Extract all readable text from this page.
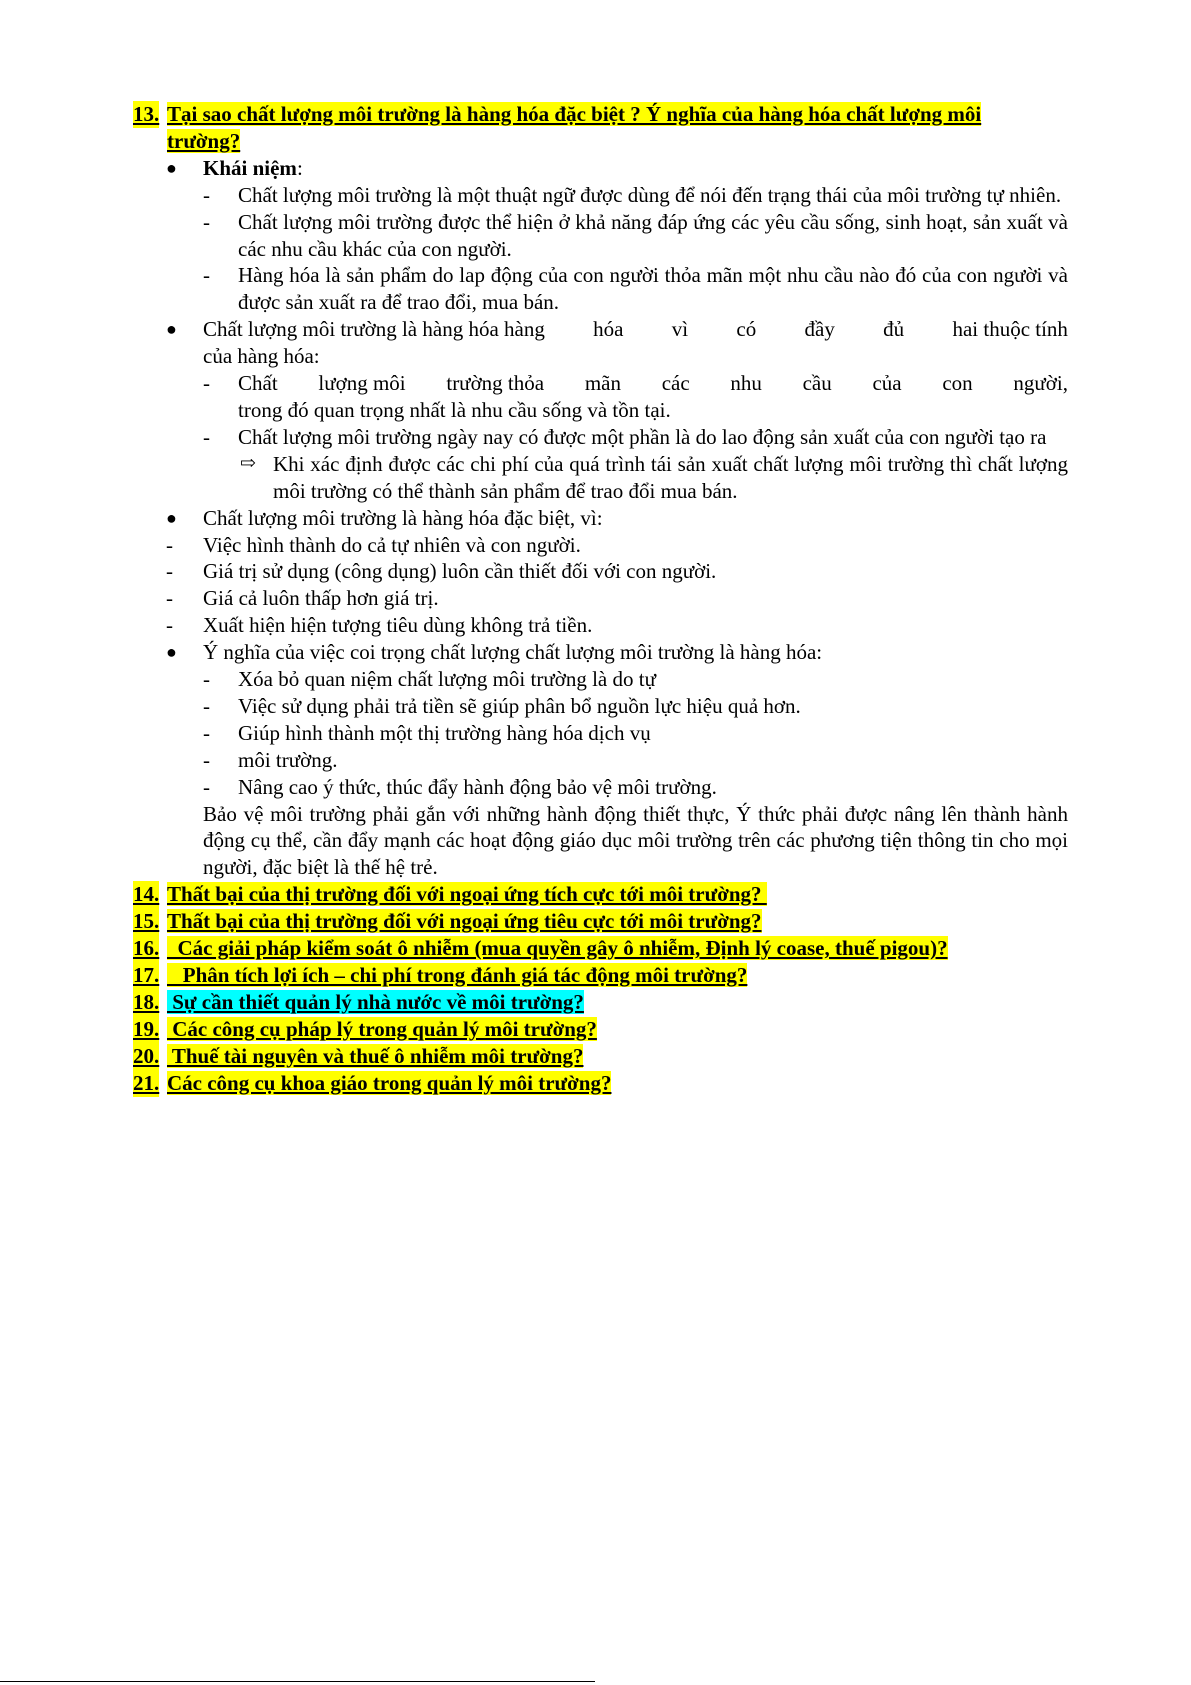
13. Tại sao chất lượng môi trường là hàng hóa đặc biệt ? Ý nghĩa của hàng hóa chất lượng môi
trường?
● Khái niệm:
- Chất lượng môi trường là một thuật ngữ được dùng để nói đến trạng thái của môi trường tự nhiên.
- Chất lượng môi trường được thể hiện ở khả năng đáp ứng các yêu cầu sống, sinh hoạt, sản xuất và các nhu cầu khác của con người.
- Hàng hóa là sản phẩm do lap động của con người thỏa mãn một nhu cầu nào đó của con người và được sản xuất ra để trao đổi, mua bán.
● Chất lượng môi trường là hàng hóa hàng hóa vì có đầy đủ hai thuộc tính
của hàng hóa:
- Chất lượng môi trường thỏa mãn các nhu cầu của con người,
trong đó quan trọng nhất là nhu cầu sống và tồn tại.
- Chất lượng môi trường ngày nay có được một phần là do lao động sản xuất của con người tạo ra
⇨ Khi xác định được các chi phí của quá trình tái sản xuất chất lượng môi trường thì chất lượng môi trường có thể thành sản phẩm để trao đổi mua bán.
● Chất lượng môi trường là hàng hóa đặc biệt, vì:
- Việc hình thành do cả tự nhiên và con người.
- Giá trị sử dụng (công dụng) luôn cần thiết đối với con người.
- Giá cả luôn thấp hơn giá trị.
- Xuất hiện hiện tượng tiêu dùng không trả tiền.
● Ý nghĩa của việc coi trọng chất lượng chất lượng môi trường là hàng hóa:
- Xóa bỏ quan niệm chất lượng môi trường là do tự
- Việc sử dụng phải trả tiền sẽ giúp phân bổ nguồn lực hiệu quả hơn.
- Giúp hình thành một thị trường hàng hóa dịch vụ
- môi trường.
- Nâng cao ý thức, thúc đẩy hành động bảo vệ môi trường.
Bảo vệ môi trường phải gắn với những hành động thiết thực, Ý thức phải được nâng lên thành hành động cụ thể, cần đẩy mạnh các hoạt động giáo dục môi trường trên các phương tiện thông tin cho mọi người, đặc biệt là thế hệ trẻ.
14. Thất bại của thị trường đối với ngoại ứng tích cực tới môi trường?
15. Thất bại của thị trường đối với ngoại ứng tiêu cực tới môi trường?
16. Các giải pháp kiểm soát ô nhiễm (mua quyền gây ô nhiễm, Định lý coase, thuế pigou)?
17. Phân tích lợi ích – chi phí trong đánh giá tác động môi trường?
18. Sự cần thiết quản lý nhà nước về môi trường?
19. Các công cụ pháp lý trong quản lý môi trường?
20. Thuế tài nguyên và thuế ô nhiễm môi trường?
21. Các công cụ khoa giáo trong quản lý môi trường?
